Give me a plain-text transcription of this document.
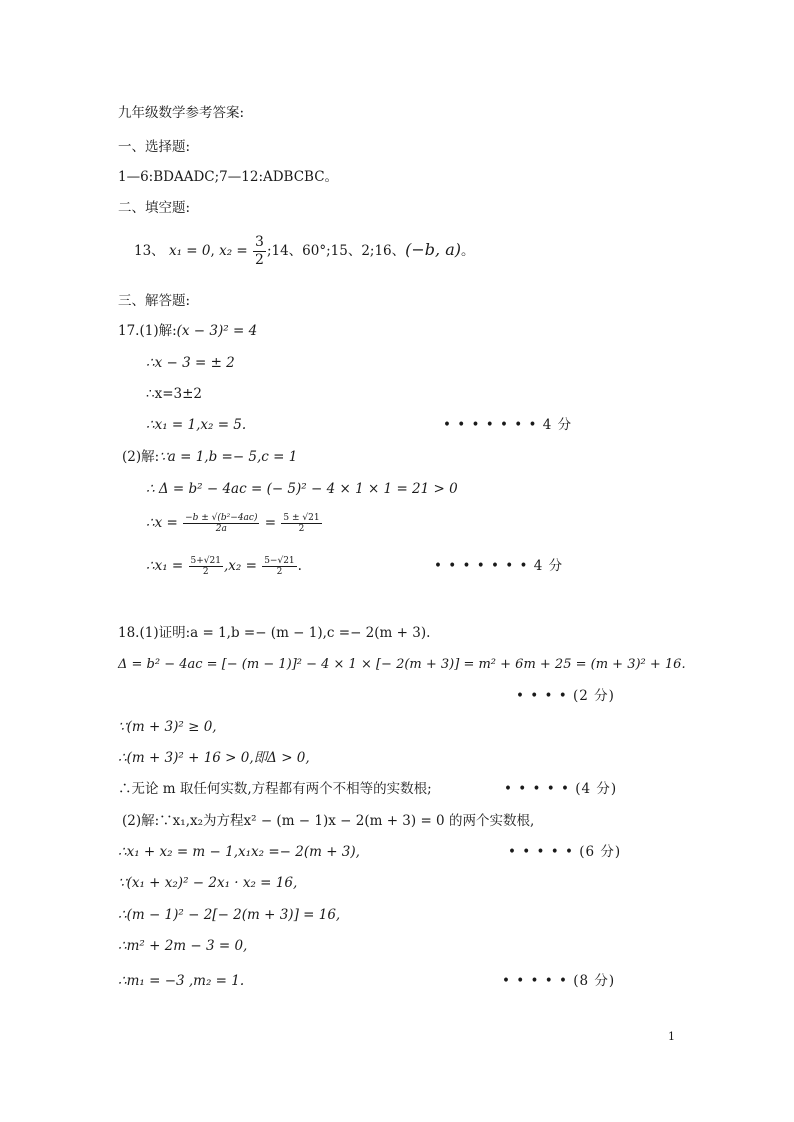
九年级数学参考答案:
一、选择题:
1—6:BDAADC;7—12:ADBCBC。
二、填空题:
13、 x₁ = 0, $x_2 = \frac{3}{2}$ ;14、60°;15、2;16、(−b, a)。
三、解答题:
17.(1)解:(x − 3)² = 4
∴x − 3 = ± 2
∴x=3±2
∴x₁ = 1,x₂ = 5.	• • • • • • • 4 分
(2)解:∵a = 1,b =− 5,c = 1
∴ Δ = b² − 4ac = (− 5)² − 4 × 1 × 1 = 21 > 0
∴x = $\frac{\text{−b ± √(b²−4ac)}}{2a} = \frac{5 \pm √21}{2}$
∴x₁ = $\frac{5+√21}{2} ,x_2 = \frac{5-√21}{2}$ .	• • • • • • • 4 分
18.(1)证明:a = 1,b =− (m − 1),c =− 2(m + 3).
Δ = b² − 4ac = [− (m − 1)]² − 4 × 1 × [− 2(m + 3)] = m² + 6m + 25 = (m + 3)² + 16.
• • • • (2 分)
∵(m + 3)² ≥ 0,
∴(m + 3)² + 16 > 0,即Δ > 0,
∴无论 m 取任何实数,方程都有两个不相等的实数根;	• • • • • (4 分)
(2)解:∵x₁,x₂为方程x² − (m − 1)x − 2(m + 3) = 0 的两个实数根,
∴x₁ + x₂ = m − 1,x₁x₂ =− 2(m + 3),	• • • • • (6 分)
∵(x₁ + x₂)² − 2x₁ · x₂ = 16,
∴(m − 1)² − 2[− 2(m + 3)] = 16,
∴m² + 2m − 3 = 0,
∴m₁ = −3 ,m₂ = 1.	• • • • • (8 分)
1
